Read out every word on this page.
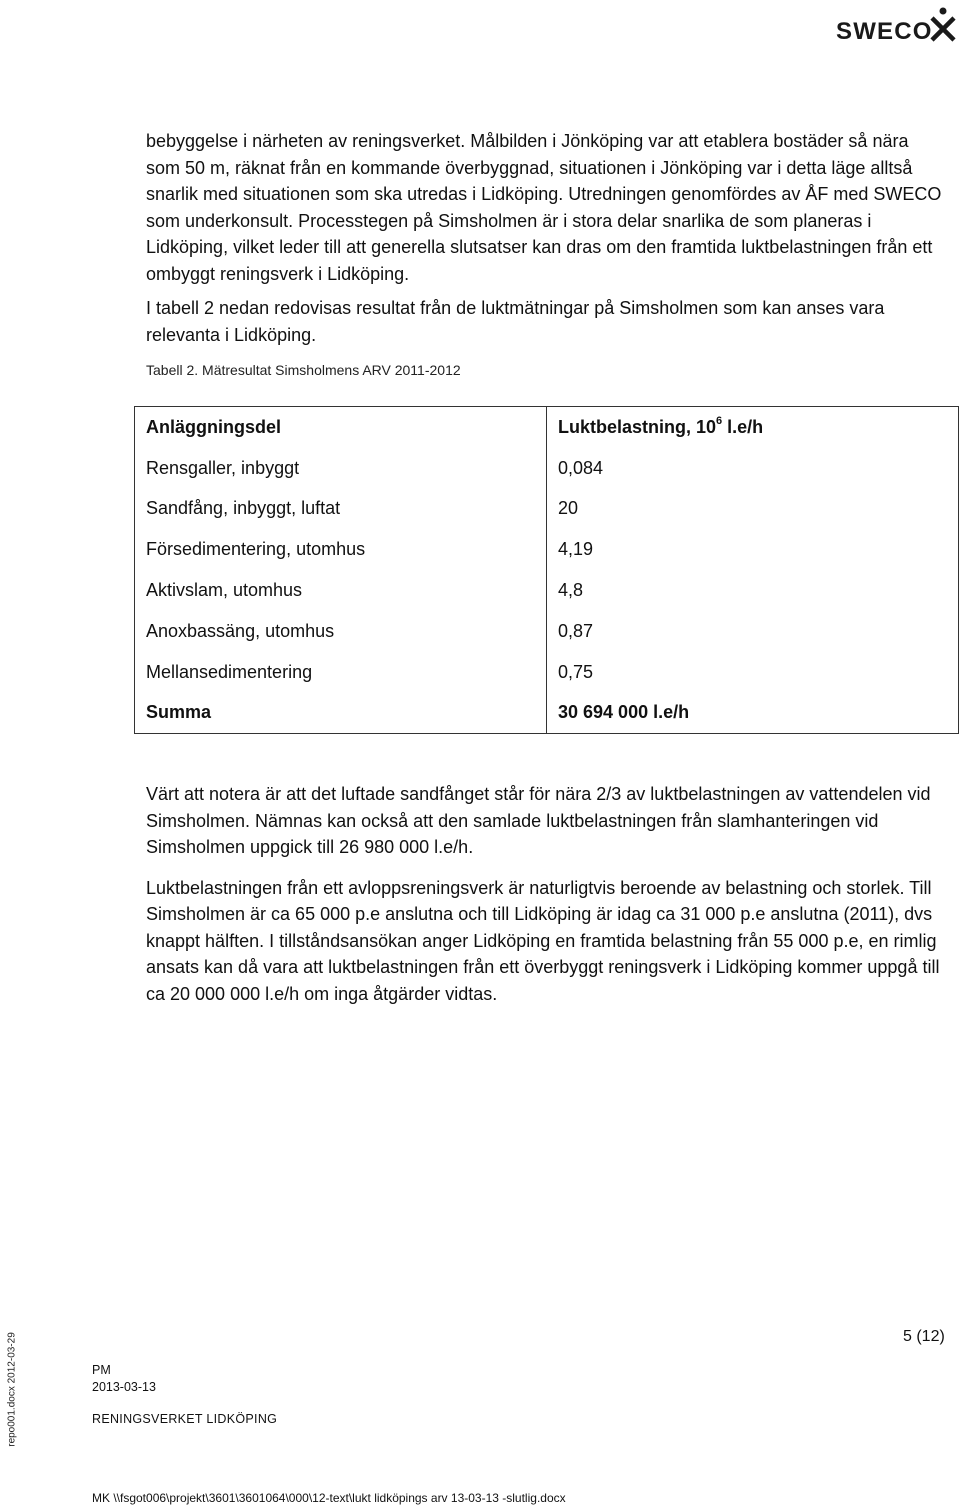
SWECO

bebyggelse i närheten av reningsverket. Målbilden i Jönköping var att etablera bostäder så nära som 50 m, räknat från en kommande överbyggnad, situationen i Jönköping var i detta läge alltså snarlik med situationen som ska utredas i Lidköping. Utredningen genomfördes av ÅF med SWECO som underkonsult. Processtegen på Simsholmen är i stora delar snarlika de som planeras i Lidköping, vilket leder till att generella slutsatser kan dras om den framtida luktbelastningen från ett ombyggt reningsverk i Lidköping.

I tabell 2 nedan redovisas resultat från de luktmätningar på Simsholmen som kan anses vara relevanta i Lidköping.

Tabell 2. Mätresultat Simsholmens ARV 2011-2012

Anläggningsdel	Luktbelastning, $10^6$ l.e/h
Rensgaller, inbyggt	0,084
Sandfång, inbyggt, luftat	20
Försedimentering, utomhus	4,19
Aktivslam, utomhus	4,8
Anoxbassäng, utomhus	0,87
Mellansedimentering	0,75
Summa	30 694 000 l.e/h

Värt att notera är att det luftade sandfånget står för nära 2/3 av luktbelastningen av vattendelen vid Simsholmen. Nämnas kan också att den samlade luktbelastningen från slamhanteringen vid Simsholmen uppgick till 26 980 000 l.e/h.

Luktbelastningen från ett avloppsreningsverk är naturligtvis beroende av belastning och storlek. Till Simsholmen är ca 65 000 p.e anslutna och till Lidköping är idag ca 31 000 p.e anslutna (2011), dvs knappt hälften. I tillståndsansökan anger Lidköping en framtida belastning från 55 000 p.e, en rimlig ansats kan då vara att luktbelastningen från ett överbyggt reningsverk i Lidköping kommer uppgå till ca 20 000 000 l.e/h om inga åtgärder vidtas.

5 (12)
PM
2013-03-13
RENINGSVERKET LIDKÖPING
MK \\fsgot006\projekt\3601\3601064\000\12-text\lukt lidköpings arv 13-03-13 -slutlig.docx
repo001.docx 2012-03-29
